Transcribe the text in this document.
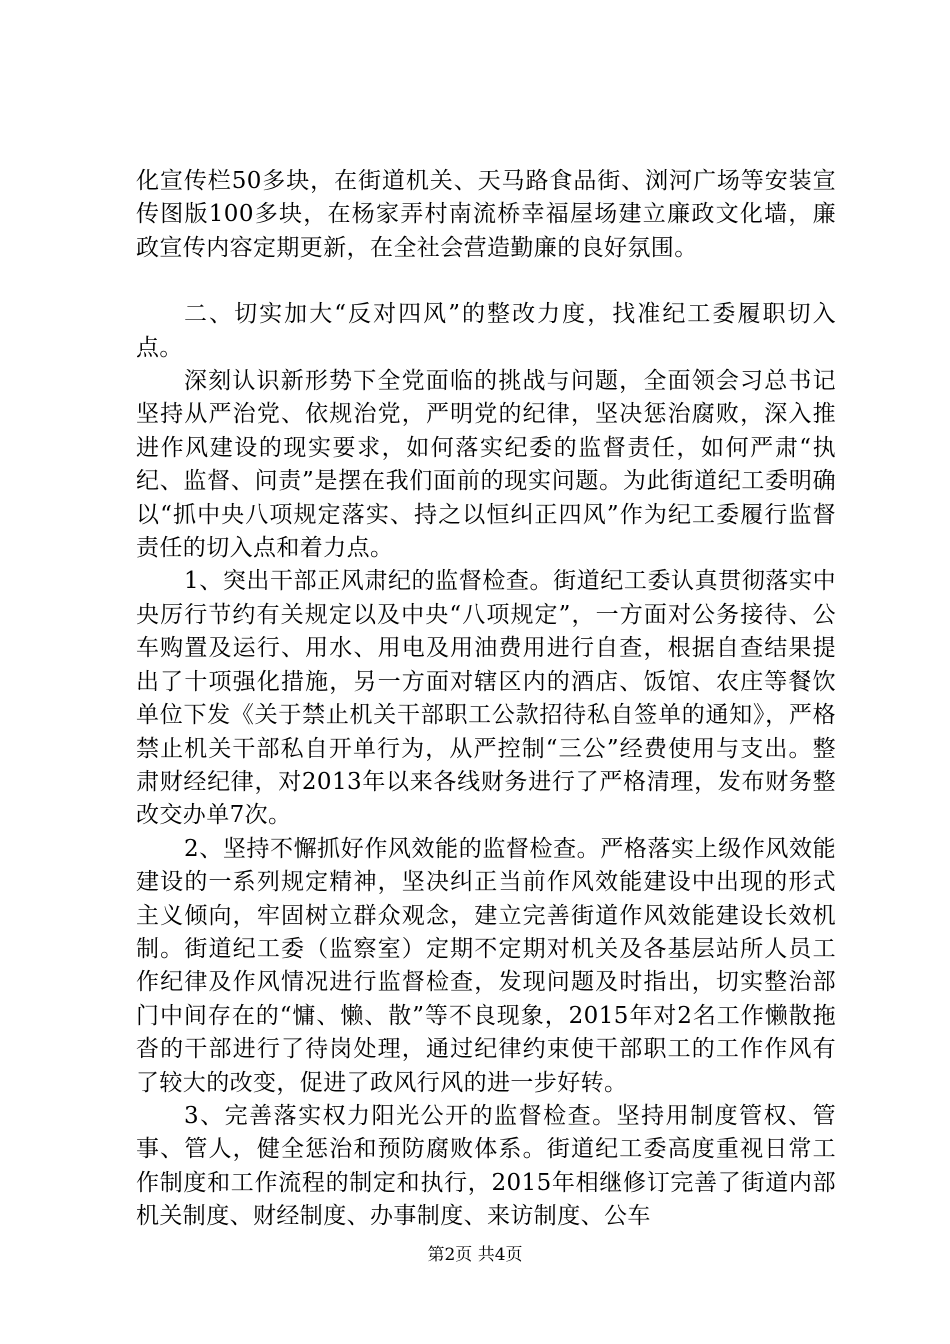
化宣传栏50多块，在街道机关、天马路食品街、浏河广场等安装宣传图版100多块，在杨家弄村南流桥幸福屋场建立廉政文化墙，廉政宣传内容定期更新，在全社会营造勤廉的良好氛围。

二、切实加大“反对四风”的整改力度，找准纪工委履职切入点。

深刻认识新形势下全党面临的挑战与问题，全面领会习总书记坚持从严治党、依规治党，严明党的纪律，坚决惩治腐败，深入推进作风建设的现实要求，如何落实纪委的监督责任，如何严肃“执纪、监督、问责”是摆在我们面前的现实问题。为此街道纪工委明确以“抓中央八项规定落实、持之以恒纠正四风”作为纪工委履行监督责任的切入点和着力点。

1、突出干部正风肃纪的监督检查。街道纪工委认真贯彻落实中央厉行节约有关规定以及中央“八项规定”，一方面对公务接待、公车购置及运行、用水、用电及用油费用进行自查，根据自查结果提出了十项强化措施，另一方面对辖区内的酒店、饭馆、农庄等餐饮单位下发《关于禁止机关干部职工公款招待私自签单的通知》，严格禁止机关干部私自开单行为，从严控制“三公”经费使用与支出。整肃财经纪律，对2013年以来各线财务进行了严格清理，发布财务整改交办单7次。

2、坚持不懈抓好作风效能的监督检查。严格落实上级作风效能建设的一系列规定精神，坚决纠正当前作风效能建设中出现的形式主义倾向，牢固树立群众观念，建立完善街道作风效能建设长效机制。街道纪工委（监察室）定期不定期对机关及各基层站所人员工作纪律及作风情况进行监督检查，发现问题及时指出，切实整治部门中间存在的“慵、懒、散”等不良现象，2015年对2名工作懒散拖沓的干部进行了待岗处理，通过纪律约束使干部职工的工作作风有了较大的改变，促进了政风行风的进一步好转。

3、完善落实权力阳光公开的监督检查。坚持用制度管权、管事、管人，健全惩治和预防腐败体系。街道纪工委高度重视日常工作制度和工作流程的制定和执行，2015年相继修订完善了街道内部机关制度、财经制度、办事制度、来访制度、公车

第2页 共4页
